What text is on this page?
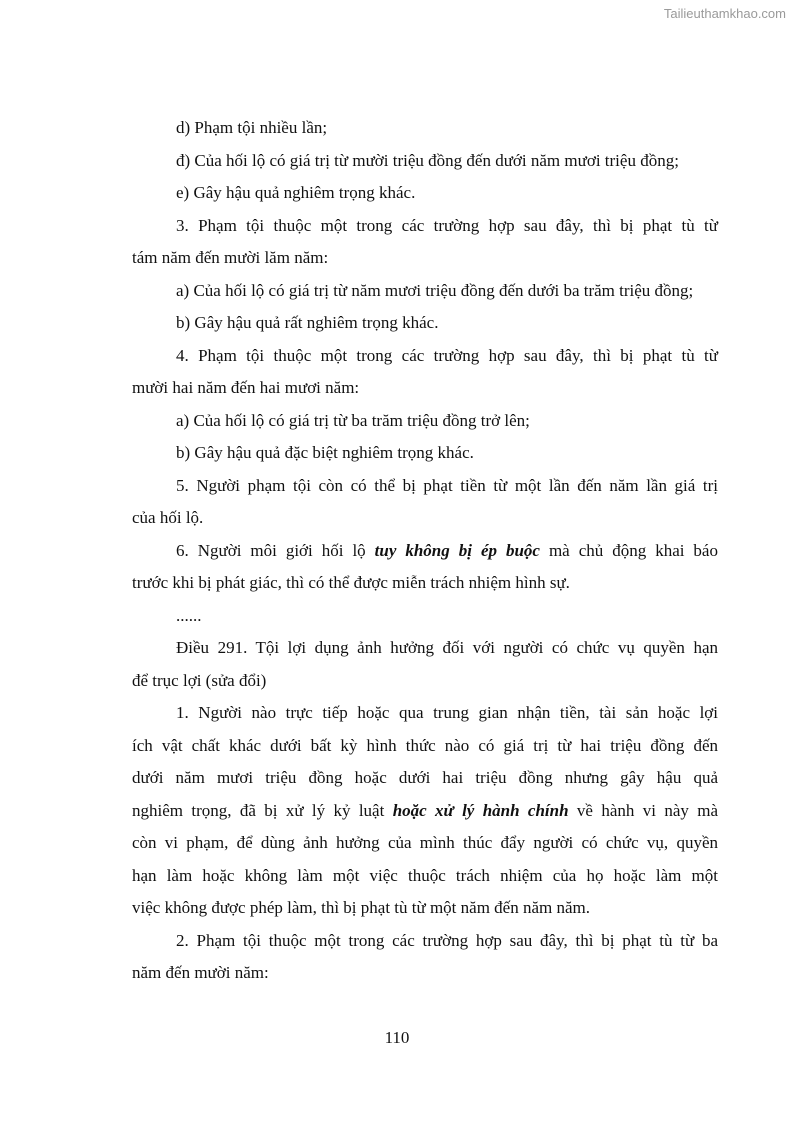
Tailieuthamkhao.com

d) Phạm tội nhiều lần;

đ) Của hối lộ có giá trị từ mười triệu đồng đến dưới năm mươi triệu đồng;

e) Gây hậu quả nghiêm trọng khác.

3. Phạm tội thuộc một trong các trường hợp sau đây, thì bị phạt tù từ

tám năm đến mười lăm năm:

a) Của hối lộ có giá trị từ năm mươi triệu đồng đến dưới ba trăm triệu đồng;

b) Gây hậu quả rất nghiêm trọng khác.

4. Phạm tội thuộc một trong các trường hợp sau đây, thì bị phạt tù từ

mười hai năm đến hai mươi năm:

a) Của hối lộ có giá trị từ ba trăm triệu đồng trở lên;

b) Gây hậu quả đặc biệt nghiêm trọng khác.

5. Người phạm tội còn có thể bị phạt tiền từ một lần đến năm lần giá trị

của hối lộ.

6. Người môi giới hối lộ tuy không bị ép buộc mà chủ động khai báo

trước khi bị phát giác, thì có thể được miễn trách nhiệm hình sự.

......

Điều 291. Tội lợi dụng ảnh hưởng đối với người có chức vụ quyền hạn

để trục lợi (sửa đổi)

1. Người nào trực tiếp hoặc qua trung gian nhận tiền, tài sản hoặc lợi

ích vật chất khác dưới bất kỳ hình thức nào có giá trị từ hai triệu đồng đến

dưới năm mươi triệu đồng hoặc dưới hai triệu đồng nhưng gây hậu quả

nghiêm trọng, đã bị xử lý kỷ luật hoặc xử lý hành chính về hành vi này mà

còn vi phạm, để dùng ảnh hưởng của mình thúc đẩy người có chức vụ, quyền

hạn làm hoặc không làm một việc thuộc trách nhiệm của họ hoặc làm một

việc không được phép làm, thì bị phạt tù từ một năm đến năm năm.

2. Phạm tội thuộc một trong các trường hợp sau đây, thì bị phạt tù từ ba

năm đến mười năm:

110
